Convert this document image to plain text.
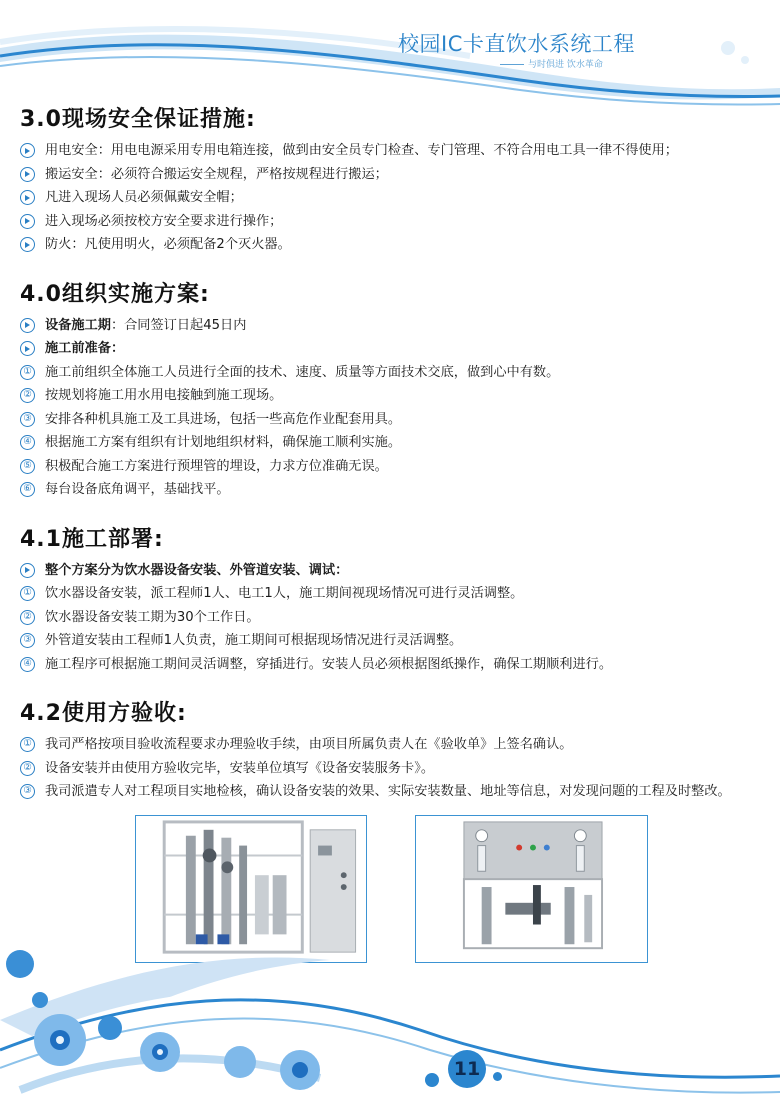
校园IC卡直饮水系统工程
与时俱进 饮水革命
3.0现场安全保证措施:
用电安全：用电电源采用专用电箱连接，做到由安全员专门检查、专门管理、不符合用电工具一律不得使用；
搬运安全：必须符合搬运安全规程，严格按规程进行搬运；
凡进入现场人员必须佩戴安全帽；
进入现场必须按校方安全要求进行操作；
防火：凡使用明火，必须配备2个灭火器。
4.0组织实施方案:
设备施工期：合同签订日起45日内
施工前准备：
① 施工前组织全体施工人员进行全面的技术、速度、质量等方面技术交底，做到心中有数。
② 按规划将施工用水用电接触到施工现场。
③ 安排各种机具施工及工具进场，包括一些高危作业配套用具。
④ 根据施工方案有组织有计划地组织材料，确保施工顺利实施。
⑤ 积极配合施工方案进行预埋管的埋设，力求方位准确无误。
⑥ 每台设备底角调平，基础找平。
4.1施工部署:
整个方案分为饮水器设备安装、外管道安装、调试：
① 饮水器设备安装，派工程师1人、电工1人，施工期间视现场情况可进行灵活调整。
② 饮水器设备安装工期为30个工作日。
③ 外管道安装由工程师1人负责，施工期间可根据现场情况进行灵活调整。
④ 施工程序可根据施工期间灵活调整，穿插进行。安装人员必须根据图纸操作，确保工期顺利进行。
4.2使用方验收:
① 我司严格按项目验收流程要求办理验收手续，由项目所属负责人在《验收单》上签名确认。
② 设备安装并由使用方验收完毕，安装单位填写《设备安装服务卡》。
③ 我司派遣专人对工程项目实地检核，确认设备安装的效果、实际安装数量、地址等信息，对发现问题的工程及时整改。
11
